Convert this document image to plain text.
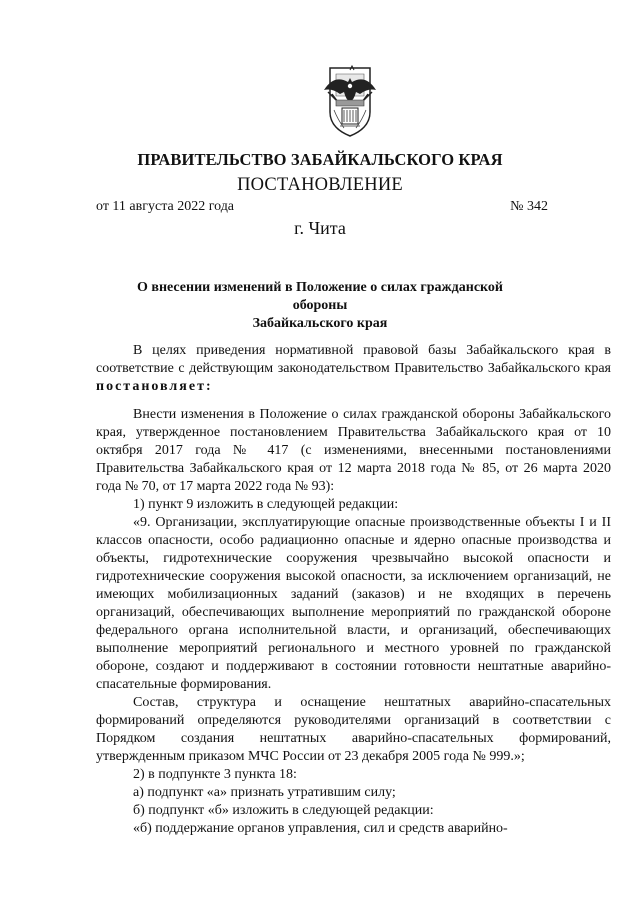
ПРАВИТЕЛЬСТВО ЗАБАЙКАЛЬСКОГО КРАЯ
ПОСТАНОВЛЕНИЕ
от 11 августа 2022 года	№ 342
г. Чита
О внесении изменений в Положение о силах гражданской обороны
Забайкальского края

В целях приведения нормативной правовой базы Забайкальского края в соответствие с действующим законодательством Правительство Забайкальского края постановляет:

Внести изменения в Положение о силах гражданской обороны Забайкальского края, утвержденное постановлением Правительства Забайкальского края от 10 октября 2017 года № 417 (с изменениями, внесенными постановлениями Правительства Забайкальского края от 12 марта 2018 года № 85, от 26 марта 2020 года № 70, от 17 марта 2022 года № 93):

1) пункт 9 изложить в следующей редакции:

«9. Организации, эксплуатирующие опасные производственные объекты I и II классов опасности, особо радиационно опасные и ядерно опасные производства и объекты, гидротехнические сооружения чрезвычайно высокой опасности и гидротехнические сооружения высокой опасности, за исключением организаций, не имеющих мобилизационных заданий (заказов) и не входящих в перечень организаций, обеспечивающих выполнение мероприятий по гражданской обороне федерального органа исполнительной власти, и организаций, обеспечивающих выполнение мероприятий регионального и местного уровней по гражданской обороне, создают и поддерживают в состоянии готовности нештатные аварийно-спасательные формирования.

Состав, структура и оснащение нештатных аварийно-спасательных формирований определяются руководителями организаций в соответствии с Порядком создания нештатных аварийно-спасательных формирований, утвержденным приказом МЧС России от 23 декабря 2005 года № 999.»;

2) в подпункте 3 пункта 18:

а) подпункт «а» признать утратившим силу;

б) подпункт «б» изложить в следующей редакции:

«б) поддержание органов управления, сил и средств аварийно-
